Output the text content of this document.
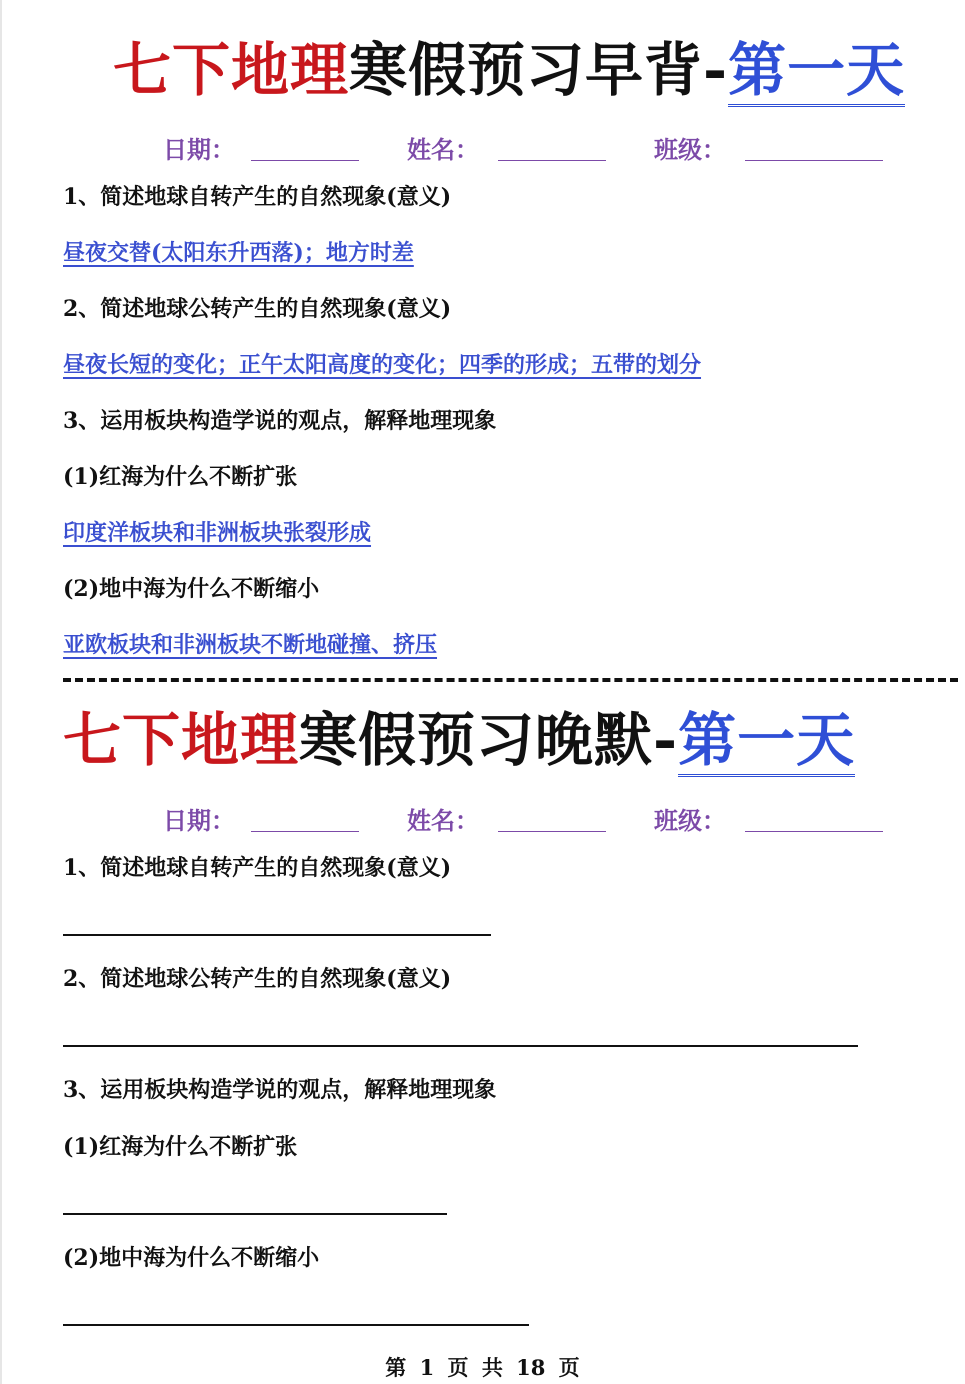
七下地理寒假预习早背-第一天
日期：	姓名：	班级：
1、简述地球自转产生的自然现象(意义)
昼夜交替(太阳东升西落)；地方时差
2、简述地球公转产生的自然现象(意义)
昼夜长短的变化；正午太阳高度的变化；四季的形成；五带的划分
3、运用板块构造学说的观点，解释地理现象
(1)红海为什么不断扩张
印度洋板块和非洲板块张裂形成
(2)地中海为什么不断缩小
亚欧板块和非洲板块不断地碰撞、挤压
七下地理寒假预习晚默-第一天
日期：	姓名：	班级：
1、简述地球自转产生的自然现象(意义)
2、简述地球公转产生的自然现象(意义)
3、运用板块构造学说的观点，解释地理现象
(1)红海为什么不断扩张
(2)地中海为什么不断缩小
第 1 页 共 18 页
